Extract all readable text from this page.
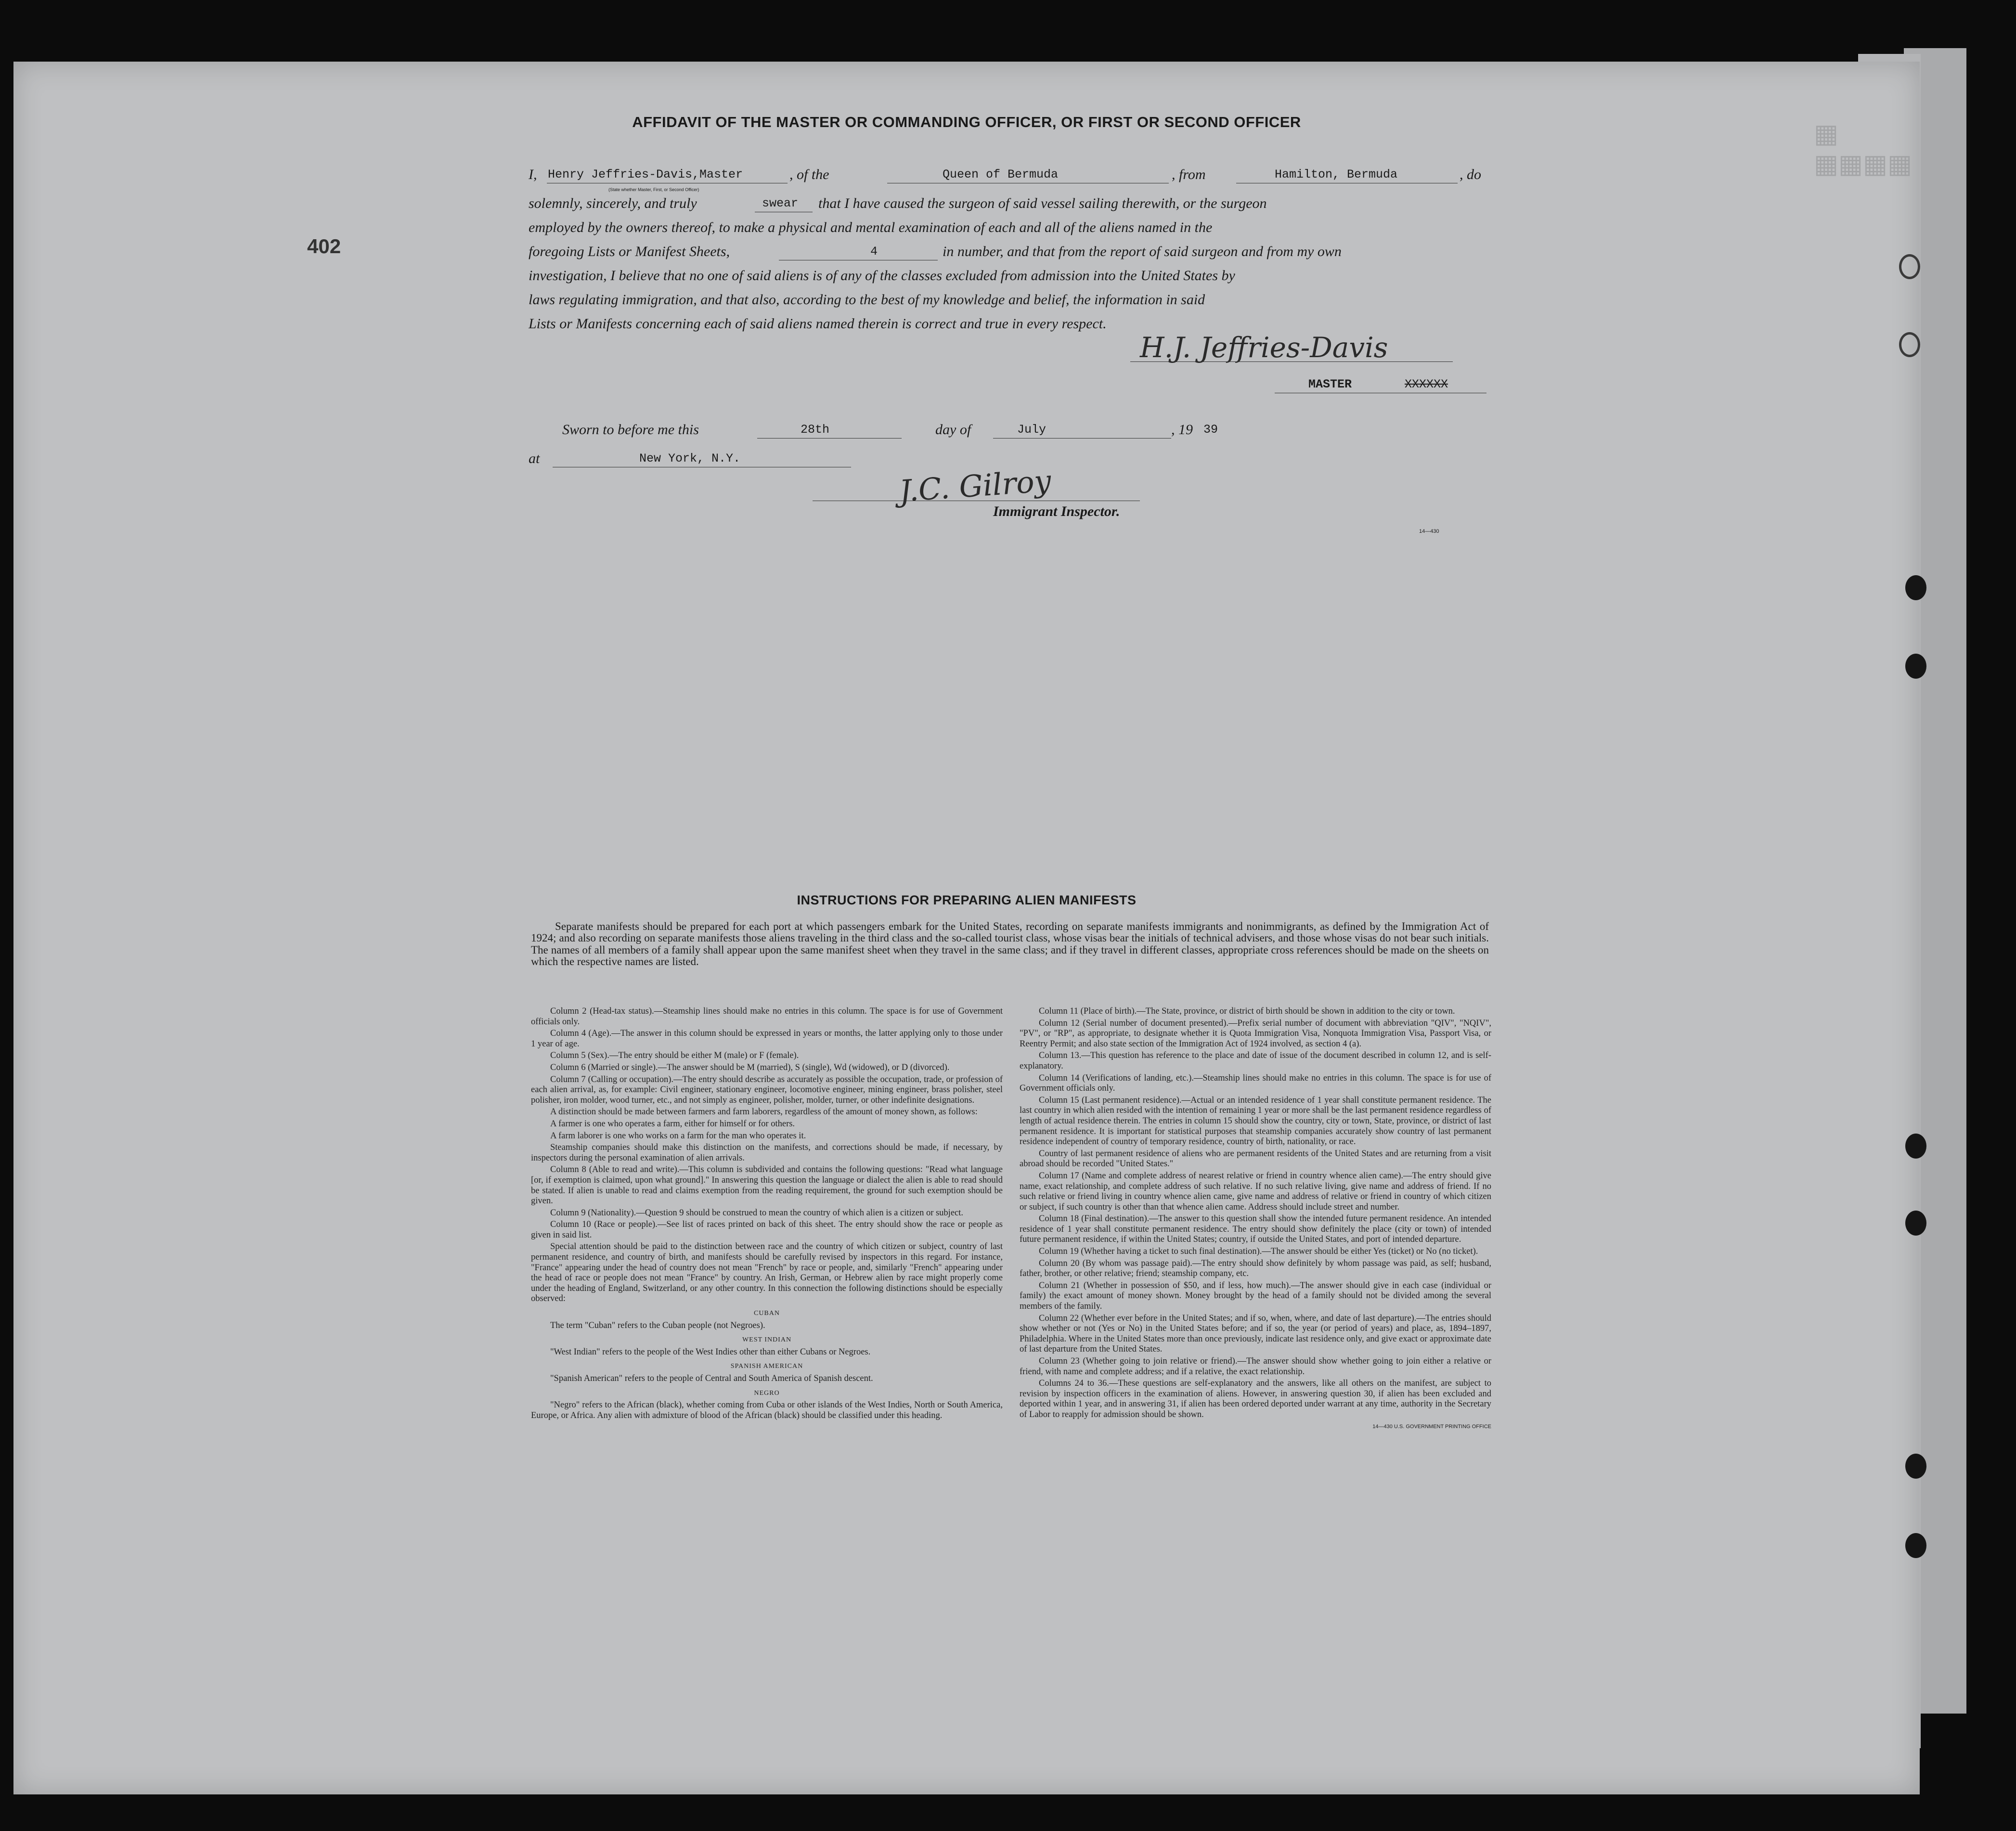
▦ ▦▦▦▦
AFFIDAVIT OF THE MASTER OR COMMANDING OFFICER, OR FIRST OR SECOND OFFICER
I, Henry Jeffries-Davis,Master
(State whether Master, First, or Second Officer)
, of the	Queen of Bermuda	, from	Hamilton, Bermuda	, do
solemnly, sincerely, and truly	swear that I have caused the surgeon of said vessel sailing therewith, or the surgeon
employed by the owners thereof, to make a physical and mental examination of each and all of the aliens named in the
foregoing Lists or Manifest Sheets,	4	in number, and that from the report of said surgeon and from my own
investigation, I believe that no one of said aliens is of any of the classes excluded from admission into the United States by
laws regulating immigration, and that also, according to the best of my knowledge and belief, the information in said
Lists or Manifests concerning each of said aliens named therein is correct and true in every respect.
H.J. Jeffries-Davis
MASTER	XXXXXX
Sworn to before me this	28th	day of	July	, 19 39
at	New York, N.Y.
J.C. Gilroy
Immigrant Inspector.
14—430
402
INSTRUCTIONS FOR PREPARING ALIEN MANIFESTS
Separate manifests should be prepared for each port at which passengers embark for the United States, recording on separate manifests immigrants and nonimmigrants, as defined by the Immigration Act of 1924; and also recording on separate manifests those aliens traveling in the third class and the so-called tourist class, whose visas bear the initials of technical advisers, and those whose visas do not bear such initials. The names of all members of a family shall appear upon the same manifest sheet when they travel in the same class; and if they travel in different classes, appropriate cross references should be made on the sheets on which the respective names are listed.

Column 2 (Head-tax status).—Steamship lines should make no entries in this column. The space is for use of Government officials only.

Column 4 (Age).—The answer in this column should be expressed in years or months, the latter applying only to those under 1 year of age.

Column 5 (Sex).—The entry should be either M (male) or F (female).

Column 6 (Married or single).—The answer should be M (married), S (single), Wd (widowed), or D (divorced).

Column 7 (Calling or occupation).—The entry should describe as accurately as possible the occupation, trade, or profession of each alien arrival, as, for example: Civil engineer, stationary engineer, locomotive engineer, mining engineer, brass polisher, steel polisher, iron molder, wood turner, etc., and not simply as engineer, polisher, molder, turner, or other indefinite designations.

A distinction should be made between farmers and farm laborers, regardless of the amount of money shown, as follows:

A farmer is one who operates a farm, either for himself or for others.

A farm laborer is one who works on a farm for the man who operates it.

Steamship companies should make this distinction on the manifests, and corrections should be made, if necessary, by inspectors during the personal examination of alien arrivals.

Column 8 (Able to read and write).—This column is subdivided and contains the following questions: "Read what language [or, if exemption is claimed, upon what ground]." In answering this question the language or dialect the alien is able to read should be stated. If alien is unable to read and claims exemption from the reading requirement, the ground for such exemption should be given.

Column 9 (Nationality).—Question 9 should be construed to mean the country of which alien is a citizen or subject.

Column 10 (Race or people).—See list of races printed on back of this sheet. The entry should show the race or people as given in said list.

Special attention should be paid to the distinction between race and the country of which citizen or subject, country of last permanent residence, and country of birth, and manifests should be carefully revised by inspectors in this regard. For instance, "France" appearing under the head of country does not mean "French" by race or people, and, similarly "French" appearing under the head of race or people does not mean "France" by country. An Irish, German, or Hebrew alien by race might properly come under the heading of England, Switzerland, or any other country. In this connection the following distinctions should be especially observed:

CUBAN

The term "Cuban" refers to the Cuban people (not Negroes).

WEST INDIAN

"West Indian" refers to the people of the West Indies other than either Cubans or Negroes.

SPANISH AMERICAN

"Spanish American" refers to the people of Central and South America of Spanish descent.

NEGRO

"Negro" refers to the African (black), whether coming from Cuba or other islands of the West Indies, North or South America, Europe, or Africa. Any alien with admixture of blood of the African (black) should be classified under this heading.

Column 11 (Place of birth).—The State, province, or district of birth should be shown in addition to the city or town.

Column 12 (Serial number of document presented).—Prefix serial number of document with abbreviation "QIV", "NQIV", "PV", or "RP", as appropriate, to designate whether it is Quota Immigration Visa, Nonquota Immigration Visa, Passport Visa, or Reentry Permit; and also state section of the Immigration Act of 1924 involved, as section 4 (a).

Column 13.—This question has reference to the place and date of issue of the document described in column 12, and is self-explanatory.

Column 14 (Verifications of landing, etc.).—Steamship lines should make no entries in this column. The space is for use of Government officials only.

Column 15 (Last permanent residence).—Actual or an intended residence of 1 year shall constitute permanent residence. The last country in which alien resided with the intention of remaining 1 year or more shall be the last permanent residence regardless of length of actual residence therein. The entries in column 15 should show the country, city or town, State, province, or district of last permanent residence. It is important for statistical purposes that steamship companies accurately show country of last permanent residence independent of country of temporary residence, country of birth, nationality, or race.

Country of last permanent residence of aliens who are permanent residents of the United States and are returning from a visit abroad should be recorded "United States."

Column 17 (Name and complete address of nearest relative or friend in country whence alien came).—The entry should give name, exact relationship, and complete address of such relative. If no such relative living, give name and address of friend. If no such relative or friend living in country whence alien came, give name and address of relative or friend in country of which citizen or subject, if such country is other than that whence alien came. Address should include street and number.

Column 18 (Final destination).—The answer to this question shall show the intended future permanent residence. An intended residence of 1 year shall constitute permanent residence. The entry should show definitely the place (city or town) of intended future permanent residence, if within the United States; country, if outside the United States, and port of intended departure.

Column 19 (Whether having a ticket to such final destination).—The answer should be either Yes (ticket) or No (no ticket).

Column 20 (By whom was passage paid).—The entry should show definitely by whom passage was paid, as self; husband, father, brother, or other relative; friend; steamship company, etc.

Column 21 (Whether in possession of $50, and if less, how much).—The answer should give in each case (individual or family) the exact amount of money shown. Money brought by the head of a family should not be divided among the several members of the family.

Column 22 (Whether ever before in the United States; and if so, when, where, and date of last departure).—The entries should show whether or not (Yes or No) in the United States before; and if so, the year (or period of years) and place, as, 1894–1897, Philadelphia. Where in the United States more than once previously, indicate last residence only, and give exact or approximate date of last departure from the United States.

Column 23 (Whether going to join relative or friend).—The answer should show whether going to join either a relative or friend, with name and complete address; and if a relative, the exact relationship.

Columns 24 to 36.—These questions are self-explanatory and the answers, like all others on the manifest, are subject to revision by inspection officers in the examination of aliens. However, in answering question 30, if alien has been excluded and deported within 1 year, and in answering 31, if alien has been ordered deported under warrant at any time, authority in the Secretary of Labor to reapply for admission should be shown.

14—430 U.S. GOVERNMENT PRINTING OFFICE
